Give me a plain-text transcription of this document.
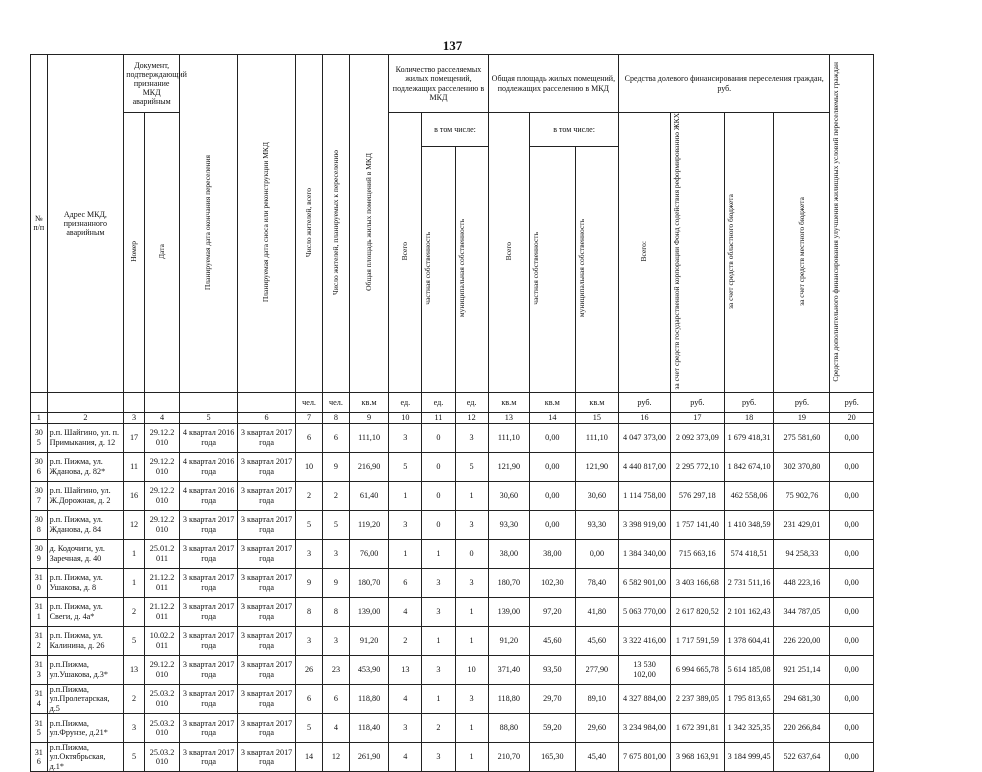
137
№ п/п	Адрес МКД, признанного аварийным	Документ, подтверждающий признание МКД аварийным		Планируемая дата окончания переселения	Планируемая дата сноса или реконструкции МКД	Число жителей, всего	Число жителей, планируемых к переселению	Общая площадь жилых помещений в МКД	Количество расселяемых жилых помещений, подлежащих расселению в МКД			Общая площадь жилых помещений, подлежащих расселению в МКД			Средства долевого финансирования переселения граждан, руб.				Средства дополнительного финансирования улучшения жилищных условий переселяемых граждан
		Номер	Дата						Всего	в том числе:		Всего	в том числе:		Всего:	за счет средств государственной корпорации Фонд содействия реформированию ЖКХ	за счет средств областного бюджета	за счет средств местного бюджета	
										частная собственность	муниципальная собственность		частная собственность	муниципальная собственность					
						чел.	чел.	кв.м	ед.	ед.	ед.	кв.м	кв.м	кв.м	руб.	руб.	руб.	руб.	руб.
1	2	3	4	5	6	7	8	9	10	11	12	13	14	15	16	17	18	19	20
30 5	р.п. Шайгино, ул. п. Примыкания, д. 12	17	29.12.2 010	4 квартал 2016 года	3 квартал 2017 года	6	6	111,10	3	0	3	111,10	0,00	111,10	4 047 373,00	2 092 373,09	1 679 418,31	275 581,60	0,00
30 6	р.п. Пижма, ул. Жданова, д. 82*	11	29.12.2 010	4 квартал 2016 года	3 квартал 2017 года	10	9	216,90	5	0	5	121,90	0,00	121,90	4 440 817,00	2 295 772,10	1 842 674,10	302 370,80	0,00
30 7	р.п. Шайгино, ул. Ж.Дорожная, д. 2	16	29.12.2 010	4 квартал 2016 года	3 квартал 2017 года	2	2	61,40	1	0	1	30,60	0,00	30,60	1 114 758,00	576 297,18	462 558,06	75 902,76	0,00
30 8	р.п. Пижма, ул. Жданова, д. 84	12	29.12.2 010	3 квартал 2017 года	3 квартал 2017 года	5	5	119,20	3	0	3	93,30	0,00	93,30	3 398 919,00	1 757 141,40	1 410 348,59	231 429,01	0,00
30 9	д. Кодочиги, ул. Заречная, д. 40	1	25.01.2 011	3 квартал 2017 года	3 квартал 2017 года	3	3	76,00	1	1	0	38,00	38,00	0,00	1 384 340,00	715 663,16	574 418,51	94 258,33	0,00
31 0	р.п. Пижма, ул. Ушакова, д. 8	1	21.12.2 011	3 квартал 2017 года	3 квартал 2017 года	9	9	180,70	6	3	3	180,70	102,30	78,40	6 582 901,00	3 403 166,68	2 731 511,16	448 223,16	0,00
31 1	р.п. Пижма, ул. Свеги, д. 4а*	2	21.12.2 011	3 квартал 2017 года	3 квартал 2017 года	8	8	139,00	4	3	1	139,00	97,20	41,80	5 063 770,00	2 617 820,52	2 101 162,43	344 787,05	0,00
31 2	р.п. Пижма, ул. Калинина, д. 26	5	10.02.2 011	3 квартал 2017 года	3 квартал 2017 года	3	3	91,20	2	1	1	91,20	45,60	45,60	3 322 416,00	1 717 591,59	1 378 604,41	226 220,00	0,00
31 3	р.п.Пижма, ул.Ушакова, д.3*	13	29.12.2 010	3 квартал 2017 года	3 квартал 2017 года	26	23	453,90	13	3	10	371,40	93,50	277,90	13 530 102,00	6 994 665,78	5 614 185,08	921 251,14	0,00
31 4	р.п.Пижма, ул.Пролетарская, д.5	2	25.03.2 010	3 квартал 2017 года	3 квартал 2017 года	6	6	118,80	4	1	3	118,80	29,70	89,10	4 327 884,00	2 237 389,05	1 795 813,65	294 681,30	0,00
31 5	р.п.Пижма, ул.Фрунзе, д.21*	3	25.03.2 010	3 квартал 2017 года	3 квартал 2017 года	5	4	118,40	3	2	1	88,80	59,20	29,60	3 234 984,00	1 672 391,81	1 342 325,35	220 266,84	0,00
31 6	р.п.Пижма, ул.Октябрьская, д.1*	5	25.03.2 010	3 квартал 2017 года	3 квартал 2017 года	14	12	261,90	4	3	1	210,70	165,30	45,40	7 675 801,00	3 968 163,91	3 184 999,45	522 637,64	0,00
